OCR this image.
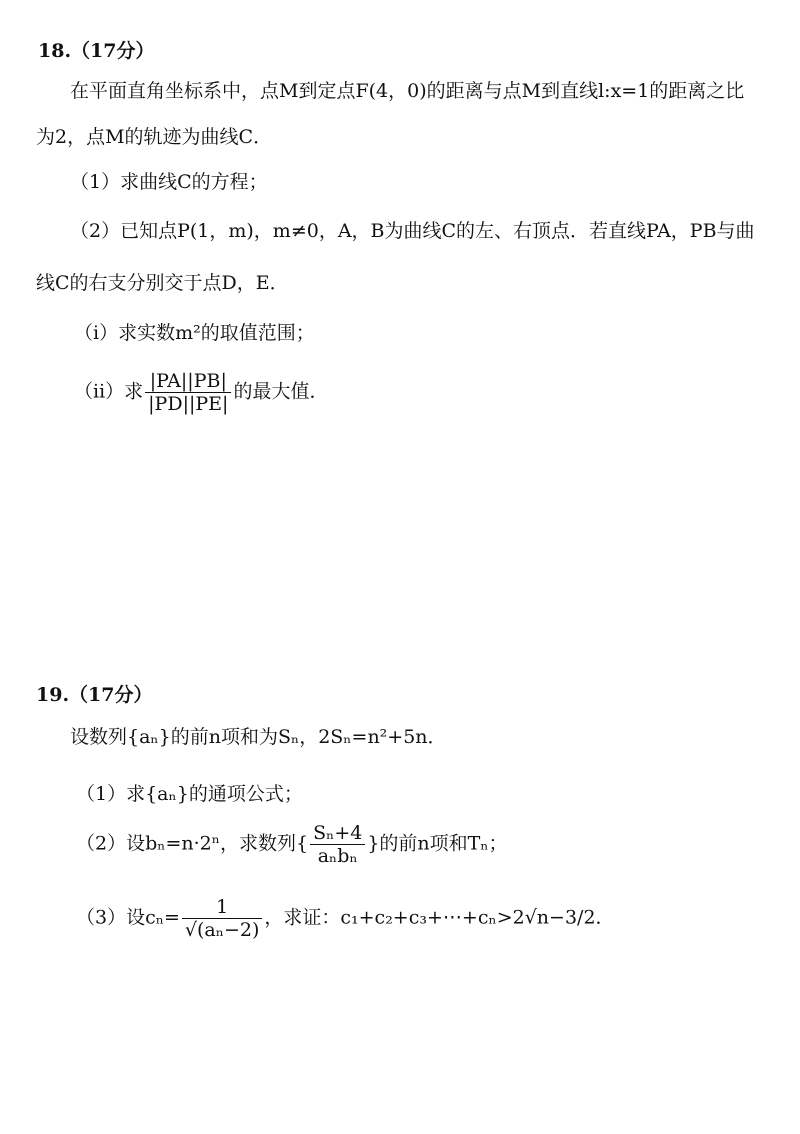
18.（17分）
在平面直角坐标系中，点M到定点F(4，0)的距离与点M到直线l:x=1的距离之比
为2，点M的轨迹为曲线C．
（1）求曲线C的方程；
（2）已知点P(1，m)，m≠0，A，B为曲线C的左、右顶点．若直线PA，PB与曲
线C的右支分别交于点D，E．
（ⅰ）求实数m²的取值范围；
（ⅱ）求 $\frac{|PA||PB|}{|PD||PE|}$ 的最大值．
19.（17分）
设数列{aₙ}的前n项和为Sₙ，2Sₙ=n²+5n．
（1）求{aₙ}的通项公式；
（2）设bₙ=n·2ⁿ，求数列{ $\frac{\text{Sₙ+4}}{\text{aₙbₙ}}$ }的前n项和Tₙ；
（3）设$c_n= \frac{1}{\text{√(aₙ−2)}}$ ，求证：c₁+c₂+c₃+⋯+cₙ>2√n−3/2．
